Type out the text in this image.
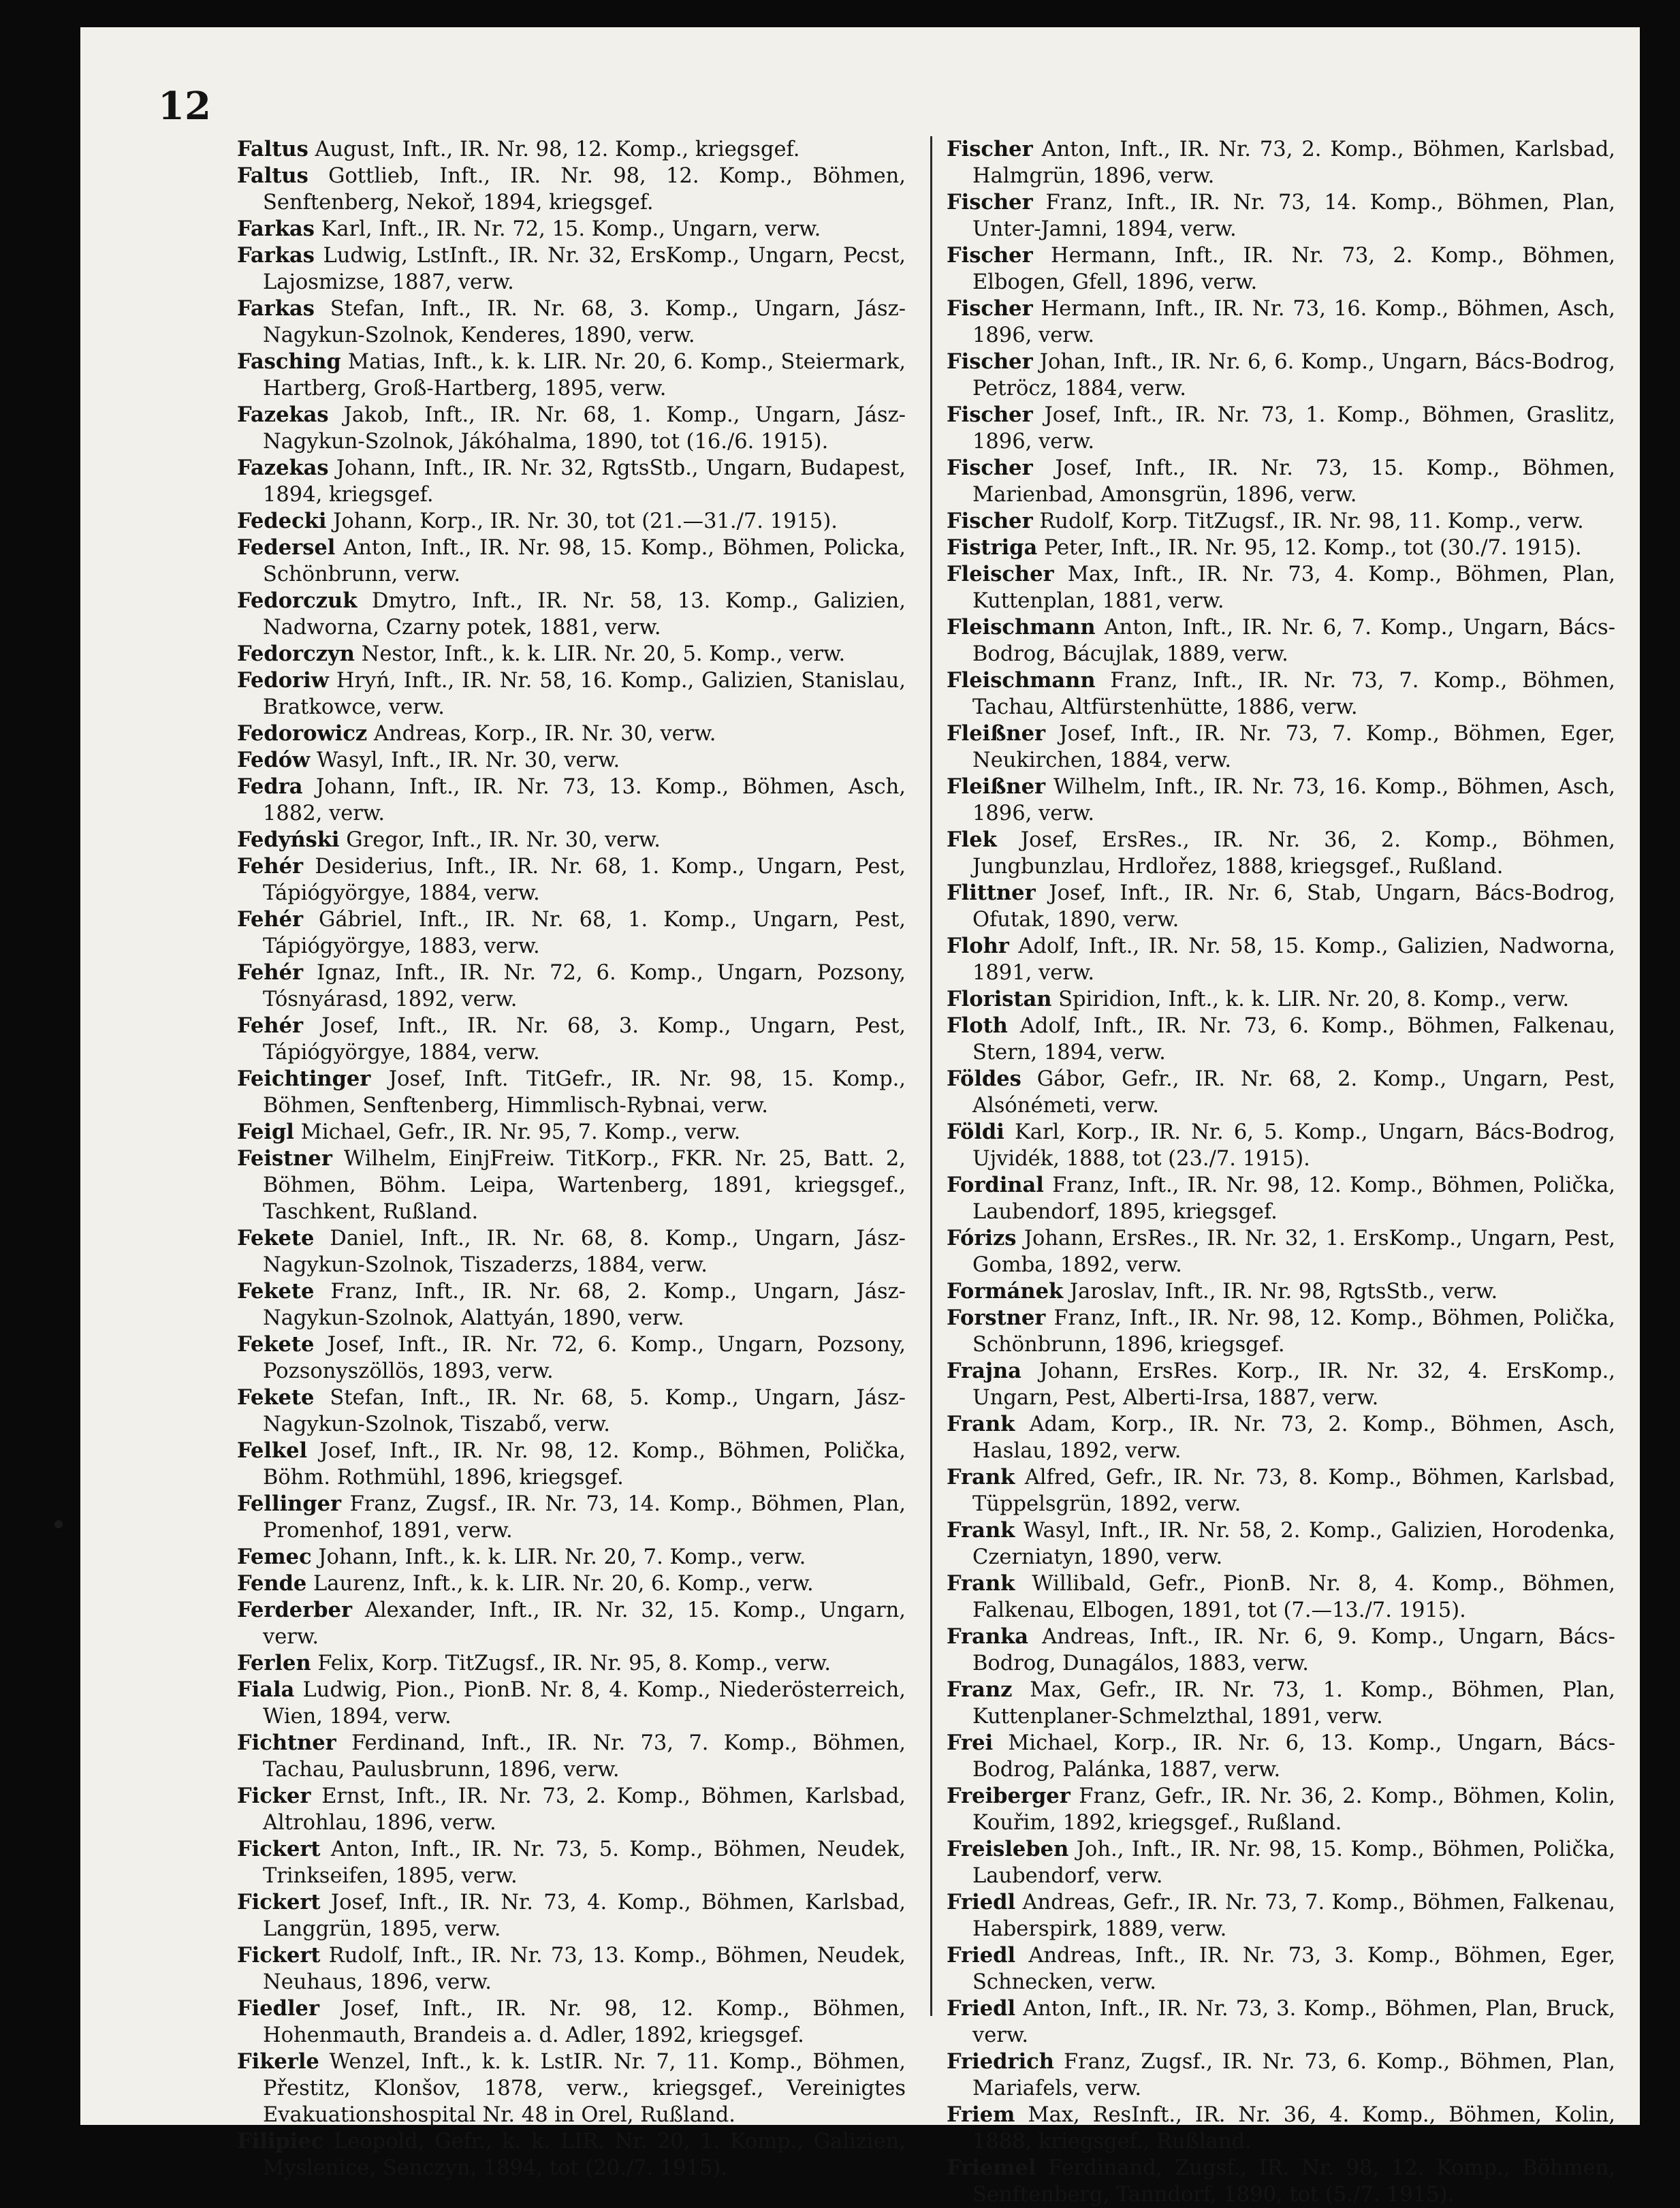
12

Faltus August, Inft., IR. Nr. 98, 12. Komp., kriegsgef.

Faltus Gottlieb, Inft., IR. Nr. 98, 12. Komp., Böhmen, Senftenberg, Nekoř, 1894, kriegsgef.

Farkas Karl, Inft., IR. Nr. 72, 15. Komp., Ungarn, verw.

Farkas Ludwig, LstInft., IR. Nr. 32, ErsKomp., Ungarn, Pecst, Lajosmizse, 1887, verw.

Farkas Stefan, Inft., IR. Nr. 68, 3. Komp., Ungarn, Jász-Nagykun-Szolnok, Kenderes, 1890, verw.

Fasching Matias, Inft., k. k. LIR. Nr. 20, 6. Komp., Steiermark, Hartberg, Groß-Hartberg, 1895, verw.

Fazekas Jakob, Inft., IR. Nr. 68, 1. Komp., Ungarn, Jász-Nagykun-Szolnok, Jákóhalma, 1890, tot (16./6. 1915).

Fazekas Johann, Inft., IR. Nr. 32, RgtsStb., Ungarn, Budapest, 1894, kriegsgef.

Fedecki Johann, Korp., IR. Nr. 30, tot (21.—31./7. 1915).

Federsel Anton, Inft., IR. Nr. 98, 15. Komp., Böhmen, Policka, Schönbrunn, verw.

Fedorczuk Dmytro, Inft., IR. Nr. 58, 13. Komp., Galizien, Nadworna, Czarny potek, 1881, verw.

Fedorczyn Nestor, Inft., k. k. LIR. Nr. 20, 5. Komp., verw.

Fedoriw Hryń, Inft., IR. Nr. 58, 16. Komp., Galizien, Stanislau, Bratkowce, verw.

Fedorowicz Andreas, Korp., IR. Nr. 30, verw.

Fedów Wasyl, Inft., IR. Nr. 30, verw.

Fedra Johann, Inft., IR. Nr. 73, 13. Komp., Böhmen, Asch, 1882, verw.

Fedyński Gregor, Inft., IR. Nr. 30, verw.

Fehér Desiderius, Inft., IR. Nr. 68, 1. Komp., Ungarn, Pest, Tápiógyörgye, 1884, verw.

Fehér Gábriel, Inft., IR. Nr. 68, 1. Komp., Ungarn, Pest, Tápiógyörgye, 1883, verw.

Fehér Ignaz, Inft., IR. Nr. 72, 6. Komp., Ungarn, Pozsony, Tósnyárasd, 1892, verw.

Fehér Josef, Inft., IR. Nr. 68, 3. Komp., Ungarn, Pest, Tápiógyörgye, 1884, verw.

Feichtinger Josef, Inft. TitGefr., IR. Nr. 98, 15. Komp., Böhmen, Senftenberg, Himmlisch-Rybnai, verw.

Feigl Michael, Gefr., IR. Nr. 95, 7. Komp., verw.

Feistner Wilhelm, EinjFreiw. TitKorp., FKR. Nr. 25, Batt. 2, Böhmen, Böhm. Leipa, Wartenberg, 1891, kriegsgef., Taschkent, Rußland.

Fekete Daniel, Inft., IR. Nr. 68, 8. Komp., Ungarn, Jász-Nagykun-Szolnok, Tiszaderzs, 1884, verw.

Fekete Franz, Inft., IR. Nr. 68, 2. Komp., Ungarn, Jász-Nagykun-Szolnok, Alattyán, 1890, verw.

Fekete Josef, Inft., IR. Nr. 72, 6. Komp., Ungarn, Pozsony, Pozsonyszöllös, 1893, verw.

Fekete Stefan, Inft., IR. Nr. 68, 5. Komp., Ungarn, Jász-Nagykun-Szolnok, Tiszabő, verw.

Felkel Josef, Inft., IR. Nr. 98, 12. Komp., Böhmen, Polička, Böhm. Rothmühl, 1896, kriegsgef.

Fellinger Franz, Zugsf., IR. Nr. 73, 14. Komp., Böhmen, Plan, Promenhof, 1891, verw.

Femec Johann, Inft., k. k. LIR. Nr. 20, 7. Komp., verw.

Fende Laurenz, Inft., k. k. LIR. Nr. 20, 6. Komp., verw.

Ferderber Alexander, Inft., IR. Nr. 32, 15. Komp., Ungarn, verw.

Ferlen Felix, Korp. TitZugsf., IR. Nr. 95, 8. Komp., verw.

Fiala Ludwig, Pion., PionB. Nr. 8, 4. Komp., Niederösterreich, Wien, 1894, verw.

Fichtner Ferdinand, Inft., IR. Nr. 73, 7. Komp., Böhmen, Tachau, Paulusbrunn, 1896, verw.

Ficker Ernst, Inft., IR. Nr. 73, 2. Komp., Böhmen, Karlsbad, Altrohlau, 1896, verw.

Fickert Anton, Inft., IR. Nr. 73, 5. Komp., Böhmen, Neudek, Trinkseifen, 1895, verw.

Fickert Josef, Inft., IR. Nr. 73, 4. Komp., Böhmen, Karlsbad, Langgrün, 1895, verw.

Fickert Rudolf, Inft., IR. Nr. 73, 13. Komp., Böhmen, Neudek, Neuhaus, 1896, verw.

Fiedler Josef, Inft., IR. Nr. 98, 12. Komp., Böhmen, Hohenmauth, Brandeis a. d. Adler, 1892, kriegsgef.

Fikerle Wenzel, Inft., k. k. LstIR. Nr. 7, 11. Komp., Böhmen, Přestitz, Klonšov, 1878, verw., kriegsgef., Vereinigtes Evakuationshospital Nr. 48 in Orel, Rußland.

Filipiec Leopold, Gefr., k. k. LIR. Nr. 20, 1. Komp., Galizien, Myslenice, Senczyn, 1894, tot (20./7. 1915).

Fischer Anton, Inft., IR. Nr. 73, 2. Komp., Böhmen, Karlsbad, Halmgrün, 1896, verw.

Fischer Franz, Inft., IR. Nr. 73, 14. Komp., Böhmen, Plan, Unter-Jamni, 1894, verw.

Fischer Hermann, Inft., IR. Nr. 73, 2. Komp., Böhmen, Elbogen, Gfell, 1896, verw.

Fischer Hermann, Inft., IR. Nr. 73, 16. Komp., Böhmen, Asch, 1896, verw.

Fischer Johan, Inft., IR. Nr. 6, 6. Komp., Ungarn, Bács-Bodrog, Petröcz, 1884, verw.

Fischer Josef, Inft., IR. Nr. 73, 1. Komp., Böhmen, Graslitz, 1896, verw.

Fischer Josef, Inft., IR. Nr. 73, 15. Komp., Böhmen, Marienbad, Amonsgrün, 1896, verw.

Fischer Rudolf, Korp. TitZugsf., IR. Nr. 98, 11. Komp., verw.

Fistriga Peter, Inft., IR. Nr. 95, 12. Komp., tot (30./7. 1915).

Fleischer Max, Inft., IR. Nr. 73, 4. Komp., Böhmen, Plan, Kuttenplan, 1881, verw.

Fleischmann Anton, Inft., IR. Nr. 6, 7. Komp., Ungarn, Bács-Bodrog, Bácujlak, 1889, verw.

Fleischmann Franz, Inft., IR. Nr. 73, 7. Komp., Böhmen, Tachau, Altfürstenhütte, 1886, verw.

Fleißner Josef, Inft., IR. Nr. 73, 7. Komp., Böhmen, Eger, Neukirchen, 1884, verw.

Fleißner Wilhelm, Inft., IR. Nr. 73, 16. Komp., Böhmen, Asch, 1896, verw.

Flek Josef, ErsRes., IR. Nr. 36, 2. Komp., Böhmen, Jungbunzlau, Hrdlořez, 1888, kriegsgef., Rußland.

Flittner Josef, Inft., IR. Nr. 6, Stab, Ungarn, Bács-Bodrog, Ofutak, 1890, verw.

Flohr Adolf, Inft., IR. Nr. 58, 15. Komp., Galizien, Nadworna, 1891, verw.

Floristan Spiridion, Inft., k. k. LIR. Nr. 20, 8. Komp., verw.

Floth Adolf, Inft., IR. Nr. 73, 6. Komp., Böhmen, Falkenau, Stern, 1894, verw.

Földes Gábor, Gefr., IR. Nr. 68, 2. Komp., Ungarn, Pest, Alsónémeti, verw.

Földi Karl, Korp., IR. Nr. 6, 5. Komp., Ungarn, Bács-Bodrog, Ujvidék, 1888, tot (23./7. 1915).

Fordinal Franz, Inft., IR. Nr. 98, 12. Komp., Böhmen, Polička, Laubendorf, 1895, kriegsgef.

Fórizs Johann, ErsRes., IR. Nr. 32, 1. ErsKomp., Ungarn, Pest, Gomba, 1892, verw.

Formánek Jaroslav, Inft., IR. Nr. 98, RgtsStb., verw.

Forstner Franz, Inft., IR. Nr. 98, 12. Komp., Böhmen, Polička, Schönbrunn, 1896, kriegsgef.

Frajna Johann, ErsRes. Korp., IR. Nr. 32, 4. ErsKomp., Ungarn, Pest, Alberti-Irsa, 1887, verw.

Frank Adam, Korp., IR. Nr. 73, 2. Komp., Böhmen, Asch, Haslau, 1892, verw.

Frank Alfred, Gefr., IR. Nr. 73, 8. Komp., Böhmen, Karlsbad, Tüppelsgrün, 1892, verw.

Frank Wasyl, Inft., IR. Nr. 58, 2. Komp., Galizien, Horodenka, Czerniatyn, 1890, verw.

Frank Willibald, Gefr., PionB. Nr. 8, 4. Komp., Böhmen, Falkenau, Elbogen, 1891, tot (7.—13./7. 1915).

Franka Andreas, Inft., IR. Nr. 6, 9. Komp., Ungarn, Bács-Bodrog, Dunagálos, 1883, verw.

Franz Max, Gefr., IR. Nr. 73, 1. Komp., Böhmen, Plan, Kuttenplaner-Schmelzthal, 1891, verw.

Frei Michael, Korp., IR. Nr. 6, 13. Komp., Ungarn, Bács-Bodrog, Palánka, 1887, verw.

Freiberger Franz, Gefr., IR. Nr. 36, 2. Komp., Böhmen, Kolin, Kouřim, 1892, kriegsgef., Rußland.

Freisleben Joh., Inft., IR. Nr. 98, 15. Komp., Böhmen, Polička, Laubendorf, verw.

Friedl Andreas, Gefr., IR. Nr. 73, 7. Komp., Böhmen, Falkenau, Haberspirk, 1889, verw.

Friedl Andreas, Inft., IR. Nr. 73, 3. Komp., Böhmen, Eger, Schnecken, verw.

Friedl Anton, Inft., IR. Nr. 73, 3. Komp., Böhmen, Plan, Bruck, verw.

Friedrich Franz, Zugsf., IR. Nr. 73, 6. Komp., Böhmen, Plan, Mariafels, verw.

Friem Max, ResInft., IR. Nr. 36, 4. Komp., Böhmen, Kolin, 1888, kriegsgef., Rußland.

Friemel Ferdinand, Zugsf., IR. Nr. 98, 12. Komp., Böhmen, Senftenberg, Tanndorf, 1890, tot (5./7. 1915).
